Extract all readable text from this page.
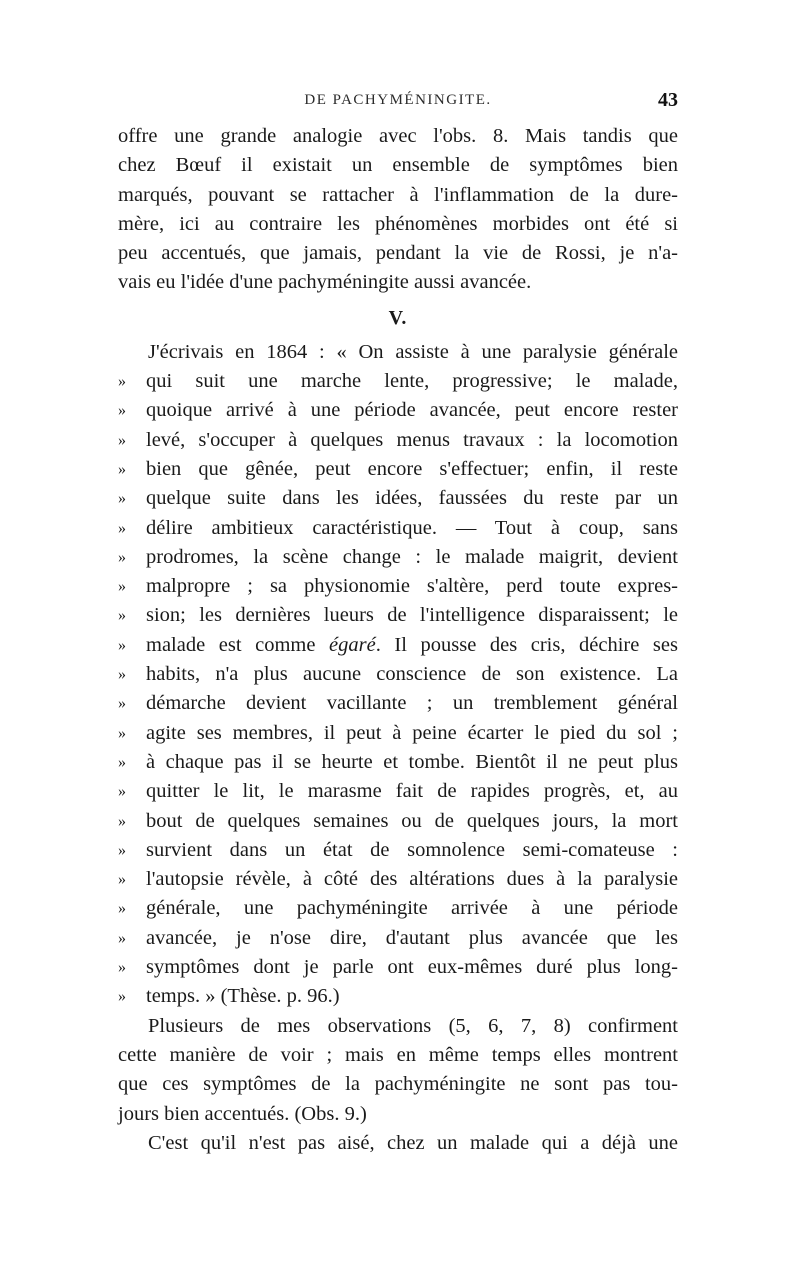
DE PACHYMÉNINGITE.	43
offre une grande analogie avec l'obs. 8. Mais tandis que
chez Bœuf il existait un ensemble de symptômes bien
marqués, pouvant se rattacher à l'inflammation de la dure-
mère, ici au contraire les phénomènes morbides ont été si
peu accentués, que jamais, pendant la vie de Rossi, je n'a-
vais eu l'idée d'une pachyméningite aussi avancée.
V.
J'écrivais en 1864 : « On assiste à une paralysie générale
» qui suit une marche lente, progressive; le malade,
» quoique arrivé à une période avancée, peut encore rester
» levé, s'occuper à quelques menus travaux : la locomotion
» bien que gênée, peut encore s'effectuer; enfin, il reste
» quelque suite dans les idées, faussées du reste par un
» délire ambitieux caractéristique. — Tout à coup, sans
» prodromes, la scène change : le malade maigrit, devient
» malpropre ; sa physionomie s'altère, perd toute expres-
» sion; les dernières lueurs de l'intelligence disparaissent; le
» malade est comme égaré. Il pousse des cris, déchire ses
» habits, n'a plus aucune conscience de son existence. La
» démarche devient vacillante ; un tremblement général
» agite ses membres, il peut à peine écarter le pied du sol ;
» à chaque pas il se heurte et tombe. Bientôt il ne peut plus
» quitter le lit, le marasme fait de rapides progrès, et, au
» bout de quelques semaines ou de quelques jours, la mort
» survient dans un état de somnolence semi-comateuse :
» l'autopsie révèle, à côté des altérations dues à la paralysie
» générale, une pachyméningite arrivée à une période
» avancée, je n'ose dire, d'autant plus avancée que les
» symptômes dont je parle ont eux-mêmes duré plus long-
» temps. » (Thèse. p. 96.)
Plusieurs de mes observations (5, 6, 7, 8) confirment
cette manière de voir ; mais en même temps elles montrent
que ces symptômes de la pachyméningite ne sont pas tou-
jours bien accentués. (Obs. 9.)
C'est qu'il n'est pas aisé, chez un malade qui a déjà une
